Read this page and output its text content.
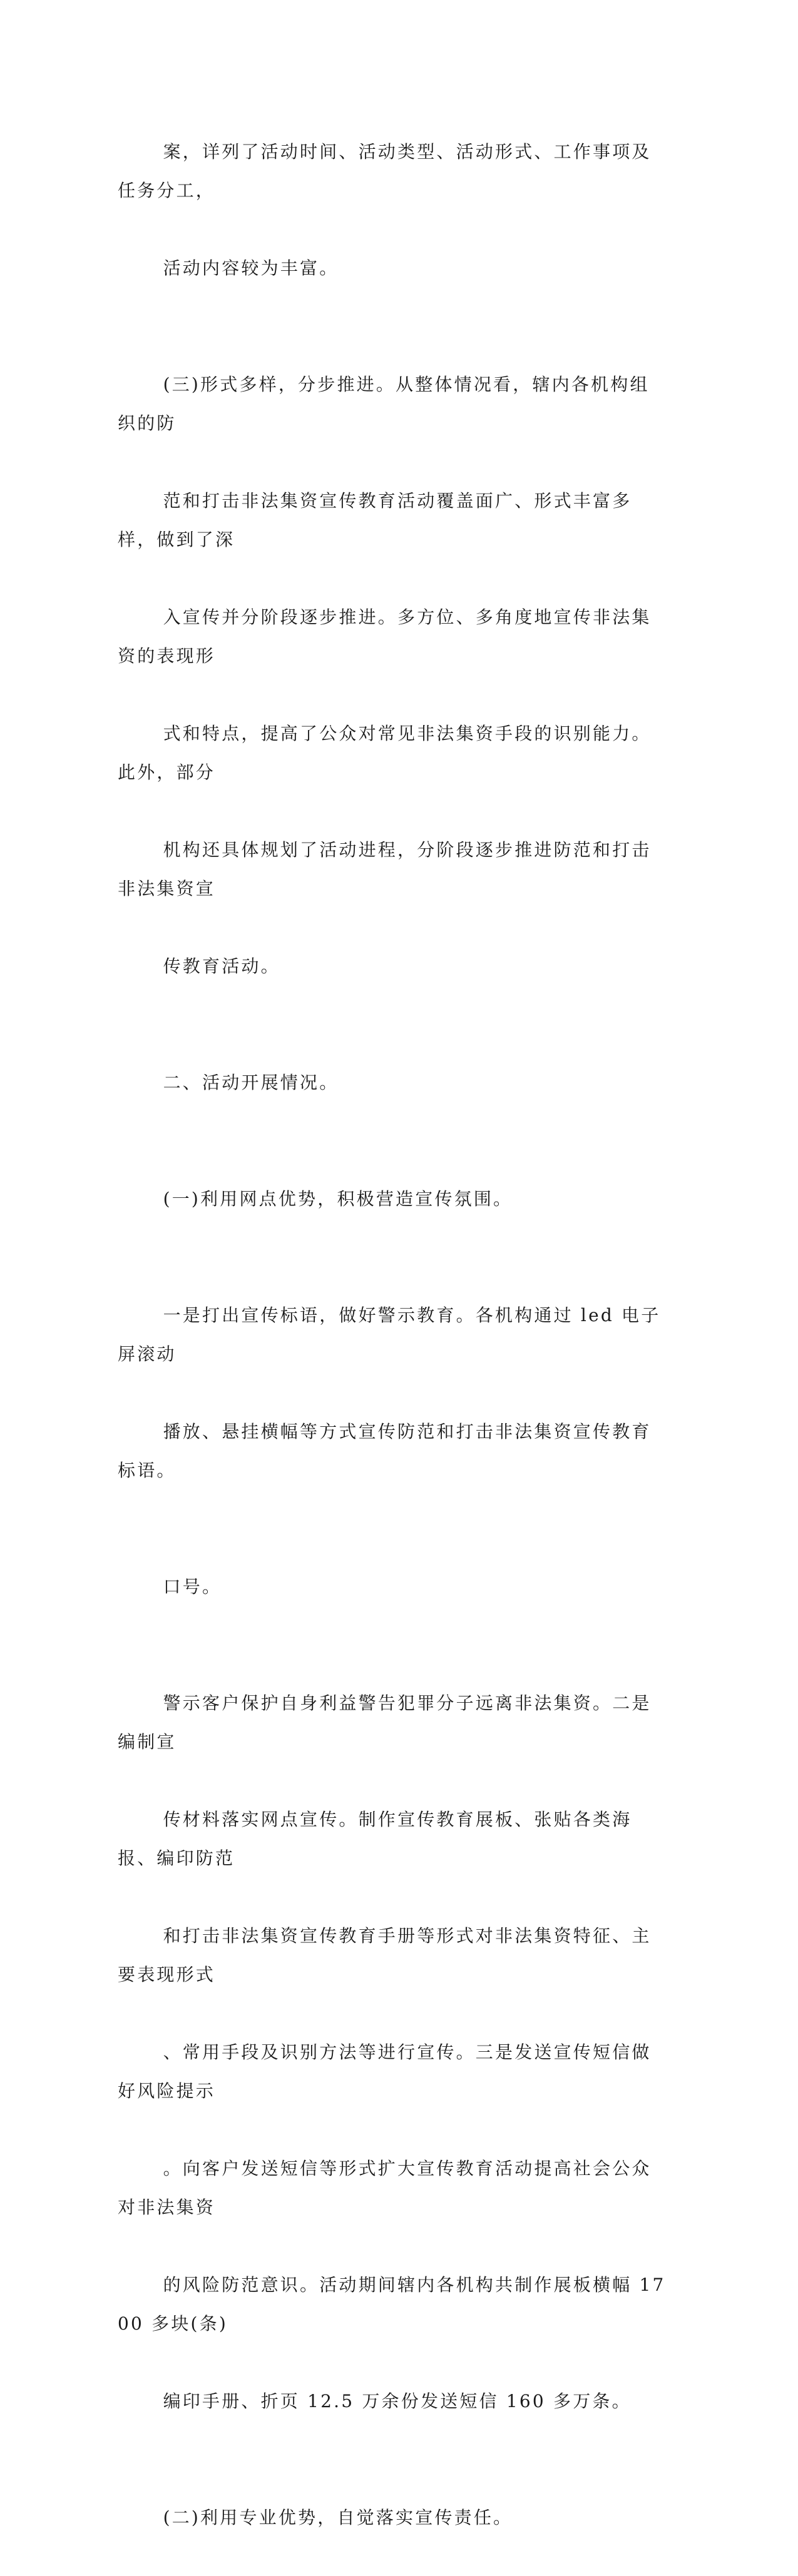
案，详列了活动时间、活动类型、活动形式、工作事项及任务分工，

活动内容较为丰富。

(三)形式多样，分步推进。从整体情况看，辖内各机构组织的防

范和打击非法集资宣传教育活动覆盖面广、形式丰富多样，做到了深

入宣传并分阶段逐步推进。多方位、多角度地宣传非法集资的表现形

式和特点，提高了公众对常见非法集资手段的识别能力。此外，部分

机构还具体规划了活动进程，分阶段逐步推进防范和打击非法集资宣

传教育活动。

二、活动开展情况。

(一)利用网点优势，积极营造宣传氛围。

一是打出宣传标语，做好警示教育。各机构通过 led 电子屏滚动

播放、悬挂横幅等方式宣传防范和打击非法集资宣传教育标语。

口号。

警示客户保护自身利益警告犯罪分子远离非法集资。二是编制宣

传材料落实网点宣传。制作宣传教育展板、张贴各类海报、编印防范

和打击非法集资宣传教育手册等形式对非法集资特征、主要表现形式

、常用手段及识别方法等进行宣传。三是发送宣传短信做好风险提示

。向客户发送短信等形式扩大宣传教育活动提高社会公众对非法集资

的风险防范意识。活动期间辖内各机构共制作展板横幅 1700 多块(条)

编印手册、折页 12.5 万余份发送短信 160 多万条。

(二)利用专业优势，自觉落实宣传责任。
